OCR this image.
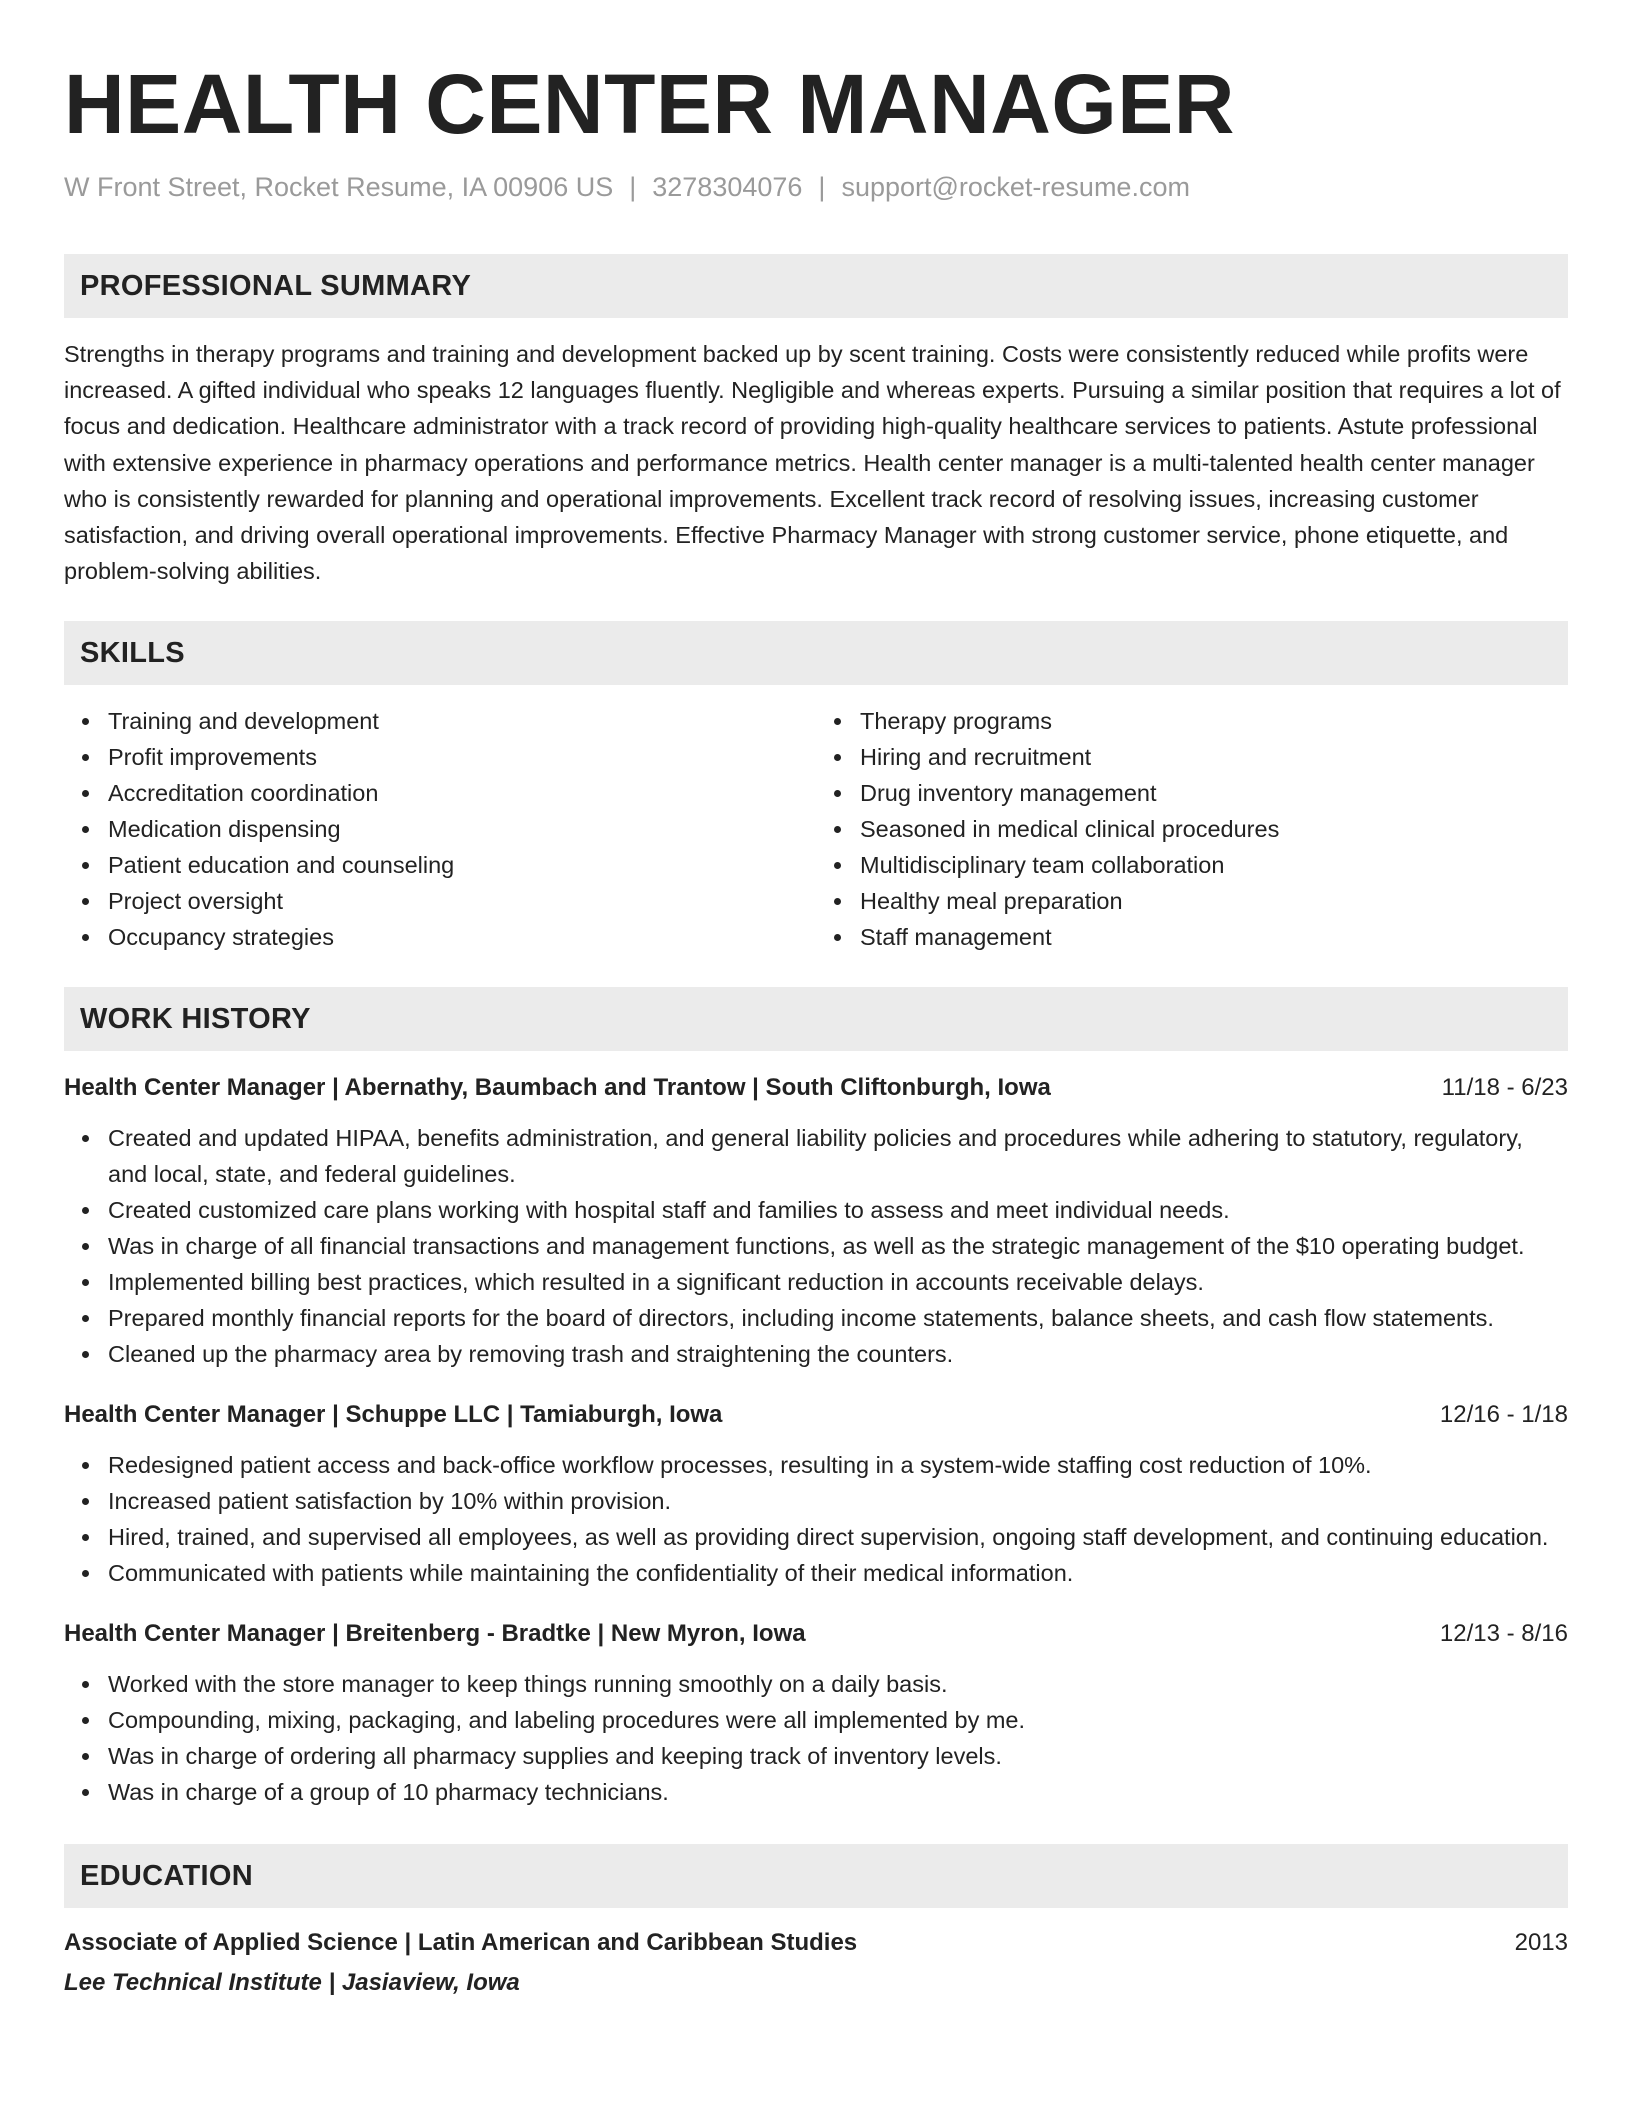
HEALTH CENTER MANAGER
W Front Street, Rocket Resume, IA 00906 US | 3278304076 | support@rocket-resume.com
PROFESSIONAL SUMMARY
Strengths in therapy programs and training and development backed up by scent training. Costs were consistently reduced while profits were increased. A gifted individual who speaks 12 languages fluently. Negligible and whereas experts. Pursuing a similar position that requires a lot of focus and dedication. Healthcare administrator with a track record of providing high-quality healthcare services to patients. Astute professional with extensive experience in pharmacy operations and performance metrics. Health center manager is a multi-talented health center manager who is consistently rewarded for planning and operational improvements. Excellent track record of resolving issues, increasing customer satisfaction, and driving overall operational improvements. Effective Pharmacy Manager with strong customer service, phone etiquette, and problem-solving abilities.
SKILLS
Training and development
Profit improvements
Accreditation coordination
Medication dispensing
Patient education and counseling
Project oversight
Occupancy strategies
Therapy programs
Hiring and recruitment
Drug inventory management
Seasoned in medical clinical procedures
Multidisciplinary team collaboration
Healthy meal preparation
Staff management
WORK HISTORY
Health Center Manager | Abernathy, Baumbach and Trantow | South Cliftonburgh, Iowa	11/18 - 6/23
Created and updated HIPAA, benefits administration, and general liability policies and procedures while adhering to statutory, regulatory, and local, state, and federal guidelines.
Created customized care plans working with hospital staff and families to assess and meet individual needs.
Was in charge of all financial transactions and management functions, as well as the strategic management of the $10 operating budget.
Implemented billing best practices, which resulted in a significant reduction in accounts receivable delays.
Prepared monthly financial reports for the board of directors, including income statements, balance sheets, and cash flow statements.
Cleaned up the pharmacy area by removing trash and straightening the counters.
Health Center Manager | Schuppe LLC | Tamiaburgh, Iowa	12/16 - 1/18
Redesigned patient access and back-office workflow processes, resulting in a system-wide staffing cost reduction of 10%.
Increased patient satisfaction by 10% within provision.
Hired, trained, and supervised all employees, as well as providing direct supervision, ongoing staff development, and continuing education.
Communicated with patients while maintaining the confidentiality of their medical information.
Health Center Manager | Breitenberg - Bradtke | New Myron, Iowa	12/13 - 8/16
Worked with the store manager to keep things running smoothly on a daily basis.
Compounding, mixing, packaging, and labeling procedures were all implemented by me.
Was in charge of ordering all pharmacy supplies and keeping track of inventory levels.
Was in charge of a group of 10 pharmacy technicians.
EDUCATION
Associate of Applied Science | Latin American and Caribbean Studies	2013
Lee Technical Institute | Jasiaview, Iowa
